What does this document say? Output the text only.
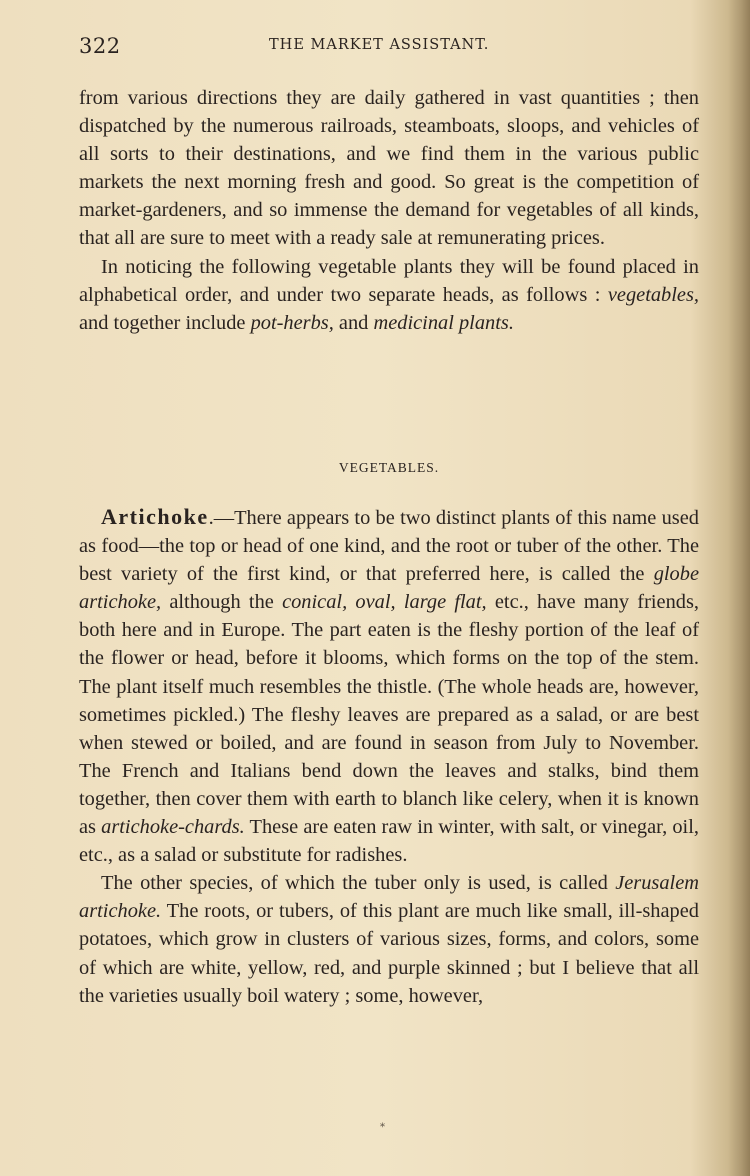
322	THE MARKET ASSISTANT.

from various directions they are daily gathered in vast quantities ; then dispatched by the numerous railroads, steamboats, sloops, and vehicles of all sorts to their destinations, and we find them in the various public markets the next morning fresh and good. So great is the competition of market-gardeners, and so immense the demand for vegetables of all kinds, that all are sure to meet with a ready sale at remunerating prices.

In noticing the following vegetable plants they will be found placed in alphabetical order, and under two separate heads, as follows : vegetables, and together include pot-herbs, and medicinal plants.

VEGETABLES.

Artichoke.—There appears to be two distinct plants of this name used as food—the top or head of one kind, and the root or tuber of the other. The best variety of the first kind, or that preferred here, is called the globe artichoke, although the conical, oval, large flat, etc., have many friends, both here and in Europe. The part eaten is the fleshy portion of the leaf of the flower or head, before it blooms, which forms on the top of the stem. The plant itself much resembles the thistle. (The whole heads are, however, sometimes pickled.) The fleshy leaves are prepared as a salad, or are best when stewed or boiled, and are found in season from July to November. The French and Italians bend down the leaves and stalks, bind them together, then cover them with earth to blanch like celery, when it is known as artichoke-chards. These are eaten raw in winter, with salt, or vinegar, oil, etc., as a salad or substitute for radishes.

The other species, of which the tuber only is used, is called Jerusalem artichoke. The roots, or tubers, of this plant are much like small, ill-shaped potatoes, which grow in clusters of various sizes, forms, and colors, some of which are white, yellow, red, and purple skinned ; but I believe that all the varieties usually boil watery ; some, however,

*
